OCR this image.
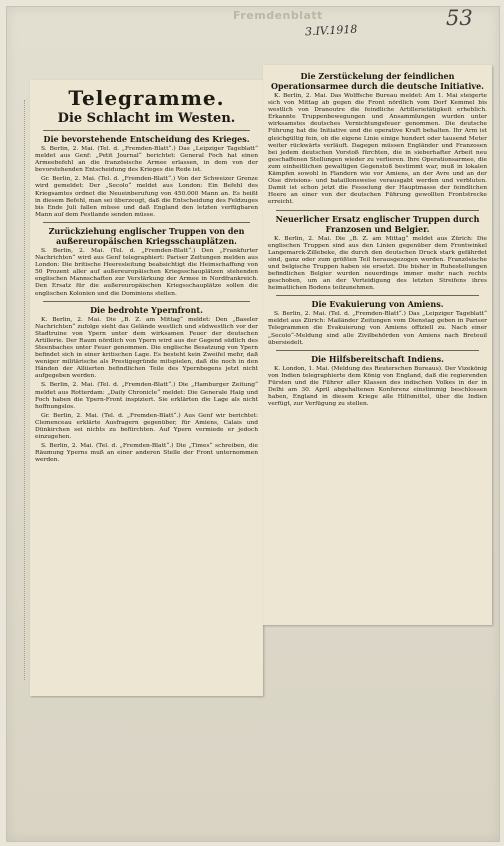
Fremdenblatt
3.IV.1918
53
Telegramme.
Die Schlacht im Westen.
Die bevorstehende Entscheidung des Krieges.

S. Berlin, 2. Mai. (Tel. d. „Fremden-Blatt“.) Das „Leipziger Tageblatt“ meldet aus Genf: „Petit Journal“ berichtet: General Foch hat einen Armeebefehl an die französische Armee erlassen, in dem von der bevorstehenden Entscheidung des Krieges die Rede ist.

Gr. Berlin, 2. Mai. (Tel. d. „Fremden-Blatt“.) Von der Schweizer Grenze wird gemeldet: Der „Secolo“ meldet aus London: Ein Befehl des Kriegsamtes ordnet die Neueinberufung von 450.000 Mann an. Es heißt in diesem Befehl, man sei überzeugt, daß die Entscheidung des Feldzuges bis Ende Juli fallen müsse und daß England den letzten verfügbaren Mann auf dem Festlande senden müsse.

Zurückziehung englischer Truppen von den außereuropäischen Kriegsschauplätzen.

S. Berlin, 2. Mai. (Tel. d. „Fremden-Blatt“.) Den „Frankfurter Nachrichten“ wird aus Genf telegraphiert: Pariser Zeitungen melden aus London: Die britische Heeresleitung beabsichtigt die Heimschaffung von 50 Prozent aller auf außereuropäischen Kriegsschauplätzen stehenden englischen Mannschaften zur Verstärkung der Armee in Nordfrankreich. Den Ersatz für die außereuropäischen Kriegsschauplätze sollen die englischen Kolonien und die Dominions stellen.

Die bedrohte Ypernfront.

K. Berlin, 2. Mai. Die „B. Z. am Mittag“ meldet: Den „Baseler Nachrichten“ zufolge sieht das Gelände westlich und südwestlich vor der Stadtruine von Ypern unter dem wirksamen Feuer der deutschen Artillerie. Der Raum nördlich von Ypern wird aus der Gegend südlich des Steenbaches unter Feuer genommen. Die englische Besatzung von Ypern befindet sich in einer kritischen Lage. Es besteht kein Zweifel mehr, daß weniger militärische als Prestigegründe mitspielen, daß die noch in den Händen der Alliierten befindlichen Teile des Ypernbogens jetzt nicht aufgegeben werden.

S. Berlin, 2. Mai. (Tel. d. „Fremden-Blatt“.) Die „Hamburger Zeitung“ meldet aus Rotterdam: „Daily Chronicle“ meldet: Die Generale Haig und Foch haben die Ypern-Front inspiziert. Sie erklärten die Lage als nicht hoffnungslos.

Gr. Berlin, 2. Mai. (Tel. d. „Fremden-Blatt“.) Aus Genf wir berichtet: Clemenceau erklärte Ausfragern gegenüber, für Amiens, Calais und Dünkirchen sei nichts zu befürchten. Auf Ypern vermiede er jedoch einzugehen.

S. Berlin, 2. Mai. (Tel. d. „Fremden-Blatt“.) Die „Times“ schreiben, die Räumung Yperns muß an einer anderen Stelle der Front unternommen werden.

Die Zerstückelung der feindlichen Operationsarmee durch die deutsche Initiative.

K. Berlin, 2. Mai. Das Wolffsche Bureau meldet: Am 1. Mai steigerte sich von Mittag ab gegen die Front nördlich vom Dorf Kemmel bis westlich von Dranoutre die feindliche Artillerietätigkeit erheblich. Erkannte Truppenbewegungen und Ansammlungen wurden unter wirksamstes deutsches Vernichtungsfeuer genommen. Die deutsche Führung hat die Initiative und die operative Kraft behalten. Ihr Arm ist gleichgültig fein, ob die eigene Linie einige hundert oder tausend Meter weiter rückwärts verläuft. Dagegen müssen Engländer und Franzosen bei jedem deutschen Vorstoß fürchten, die in sieberhafter Arbeit neu geschaffenen Stellungen wieder zu verlieren. Ihre Operationsarmee, die zum einheitlichen gewaltigen Gegenstoß bestimmt war, muß in lokalen Kämpfen sowohl in Flandern wie vor Amiens, an der Avre und an der Oise divisions- und bataillonsweise verausgabt werden und verbluten. Damit ist schon jetzt die Fesselung der Hauptmasse der feindlichen Heere an einer von der deutschen Führung gewollten Frontstrecke erreicht.

Neuerlicher Ersatz englischer Truppen durch Franzosen und Belgier.

K. Berlin, 2. Mai. Die „B. Z. am Mittag“ meldet aus Zürich: Die englischen Truppen sind aus den Linien gegenüber dem Frontwinkel Langemarck-Zillebeke, die durch den deutschen Druck stark gefährdet sind, ganz oder zum größten Teil herausgezogen worden. Französische und belgische Truppen haben sie ersetzt. Die bisher in Ruhestellungen befindlichen Belgier wurden neuerdings immer mehr nach rechts geschoben, um an der Verteidigung des letzten Streifens ihres heimatlichen Bodens teilzunehmen.

Die Evakuierung von Amiens.

S. Berlin, 2. Mai. (Tel. d. „Fremden-Blatt“.) Das „Leipziger Tageblatt“ meldet aus Zürich: Mailänder Zeitungen vom Dienstag geben in Pariser Telegrammen die Evakuierung von Amiens offiziell zu. Nach einer „Secolo“-Meldung sind alle Zivilbehörden von Amiens nach Breteuil übersiedelt.

Die Hilfsbereitschaft Indiens.

K. London, 1. Mai. (Meldung des Reuterschen Bureaus). Der Vizekönig von Indien telegraphierte dem König von England, daß die regierenden Fürsten und die Führer aller Klassen des indischen Volkes in der in Delhi am 30. April abgehaltenen Konferenz einstimmig beschlossen haben, England in diesem Kriege alle Hilfsmittel, über die Indien verfügt, zur Verfügung zu stellen.
